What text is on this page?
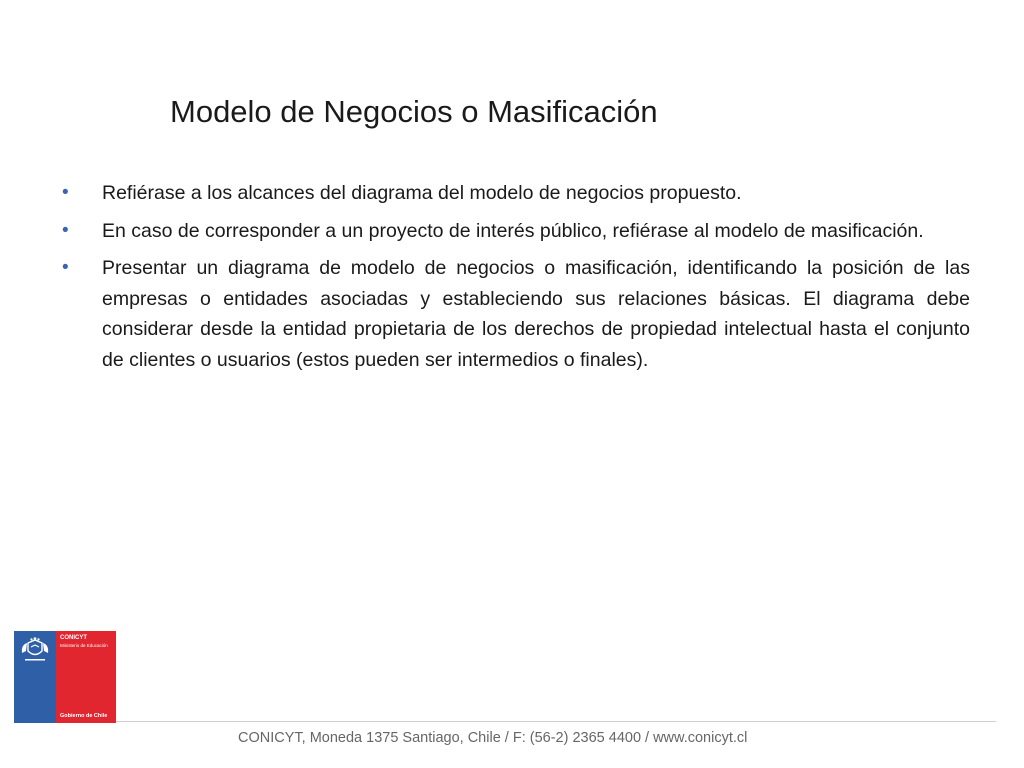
Modelo de Negocios o Masificación
• Refiérase a los alcances del diagrama del modelo de negocios propuesto.
• En caso de corresponder a un proyecto de interés público, refiérase al modelo de masificación.
• Presentar un diagrama de modelo de negocios o masificación, identificando la posición de las empresas o entidades asociadas y estableciendo sus relaciones básicas. El diagrama debe considerar desde la entidad propietaria de los derechos de propiedad intelectual hasta el conjunto de clientes o usuarios (estos pueden ser intermedios o finales).
CONICYT
Ministerio de Educación
Gobierno de Chile
CONICYT, Moneda 1375 Santiago, Chile / F: (56-2) 2365 4400 / www.conicyt.cl
